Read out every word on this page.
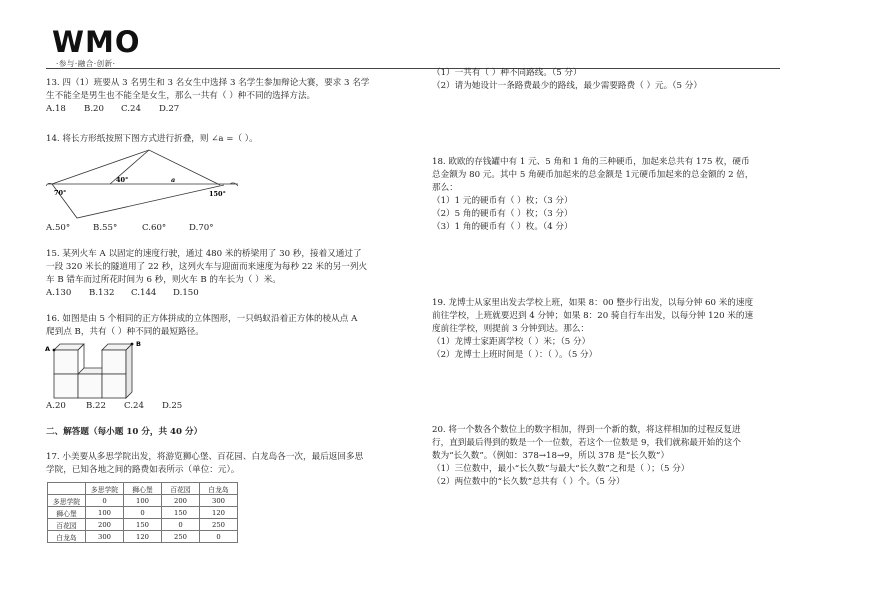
WMO
·参与·融合·创新·
13. 四（1）班要从 3 名男生和 3 名女生中选择 3 名学生参加辩论大赛，要求 3 名学
生不能全是男生也不能全是女生，那么一共有（ ）种不同的选择方法。
A.18 B.20 C.24 D.27
14. 将长方形纸按照下图方式进行折叠，则 ∠a =（ ）。
70°
40°	a
150°
A.50°	B.55°	C.60°	D.70°
15. 某列火车 A 以固定的速度行驶，通过 480 米的桥梁用了 30 秒，接着又通过了
一段 320 米长的隧道用了 22 秒，这列火车与迎面而来速度为每秒 22 米的另一列火
车 B 错车而过所花时间为 6 秒，则火车 B 的车长为（ ）米。
A.130 B.132 C.144 D.150
16. 如图是由 5 个相同的正方体拼成的立体图形，一只蚂蚁沿着正方体的棱从点 A
爬到点 B，共有（ ）种不同的最短路径。
A
B
A.20 B.22 C.24 D.25
二、解答题（每小题 10 分，共 40 分）
17. 小美要从多思学院出发，将游览狮心堡、百花园、白龙岛各一次，最后返回多思
学院，已知各地之间的路费如表所示（单位：元）。
	多思学院	狮心堡	百花园	白龙岛
多思学院	0	100	200	300
狮心堡	100	0	150	120
百花园	200	150	0	250
白龙岛	300	120	250	0
（1）一共有（ ）种不同路线。（5 分）
（2）请为她设计一条路费最少的路线，最少需要路费（ ）元。（5 分）
18. 欧欧的存钱罐中有 1 元、5 角和 1 角的三种硬币，加起来总共有 175 枚，硬币
总金额为 80 元。其中 5 角硬币加起来的总金额是 1元硬币加起来的总金额的 2 倍，
那么：
（1）1 元的硬币有（ ）枚；（3 分）
（2）5 角的硬币有（ ）枚；（3 分）
（3）1 角的硬币有（ ）枚。（4 分）
19. 龙博士从家里出发去学校上班，如果 8：00 整步行出发，以每分钟 60 米的速度
前往学校，上班就要迟到 4 分钟；如果 8：20 骑自行车出发，以每分钟 120 米的速
度前往学校，则提前 3 分钟到达。那么：
（1）龙博士家距离学校（ ）米；（5 分）
（2）龙博士上班时间是（ ）：（ ）。（5 分）
20. 将一个数各个数位上的数字相加，得到一个新的数，将这样相加的过程反复进
行，直到最后得到的数是一个一位数，若这个一位数是 9，我们就称最开始的这个
数为“长久数”。（例如：378→18→9，所以 378 是“长久数”）
（1）三位数中，最小“长久数”与最大“长久数”之和是（ ）；（5 分）
（2）两位数中的“长久数”总共有（ ）个。（5 分）
